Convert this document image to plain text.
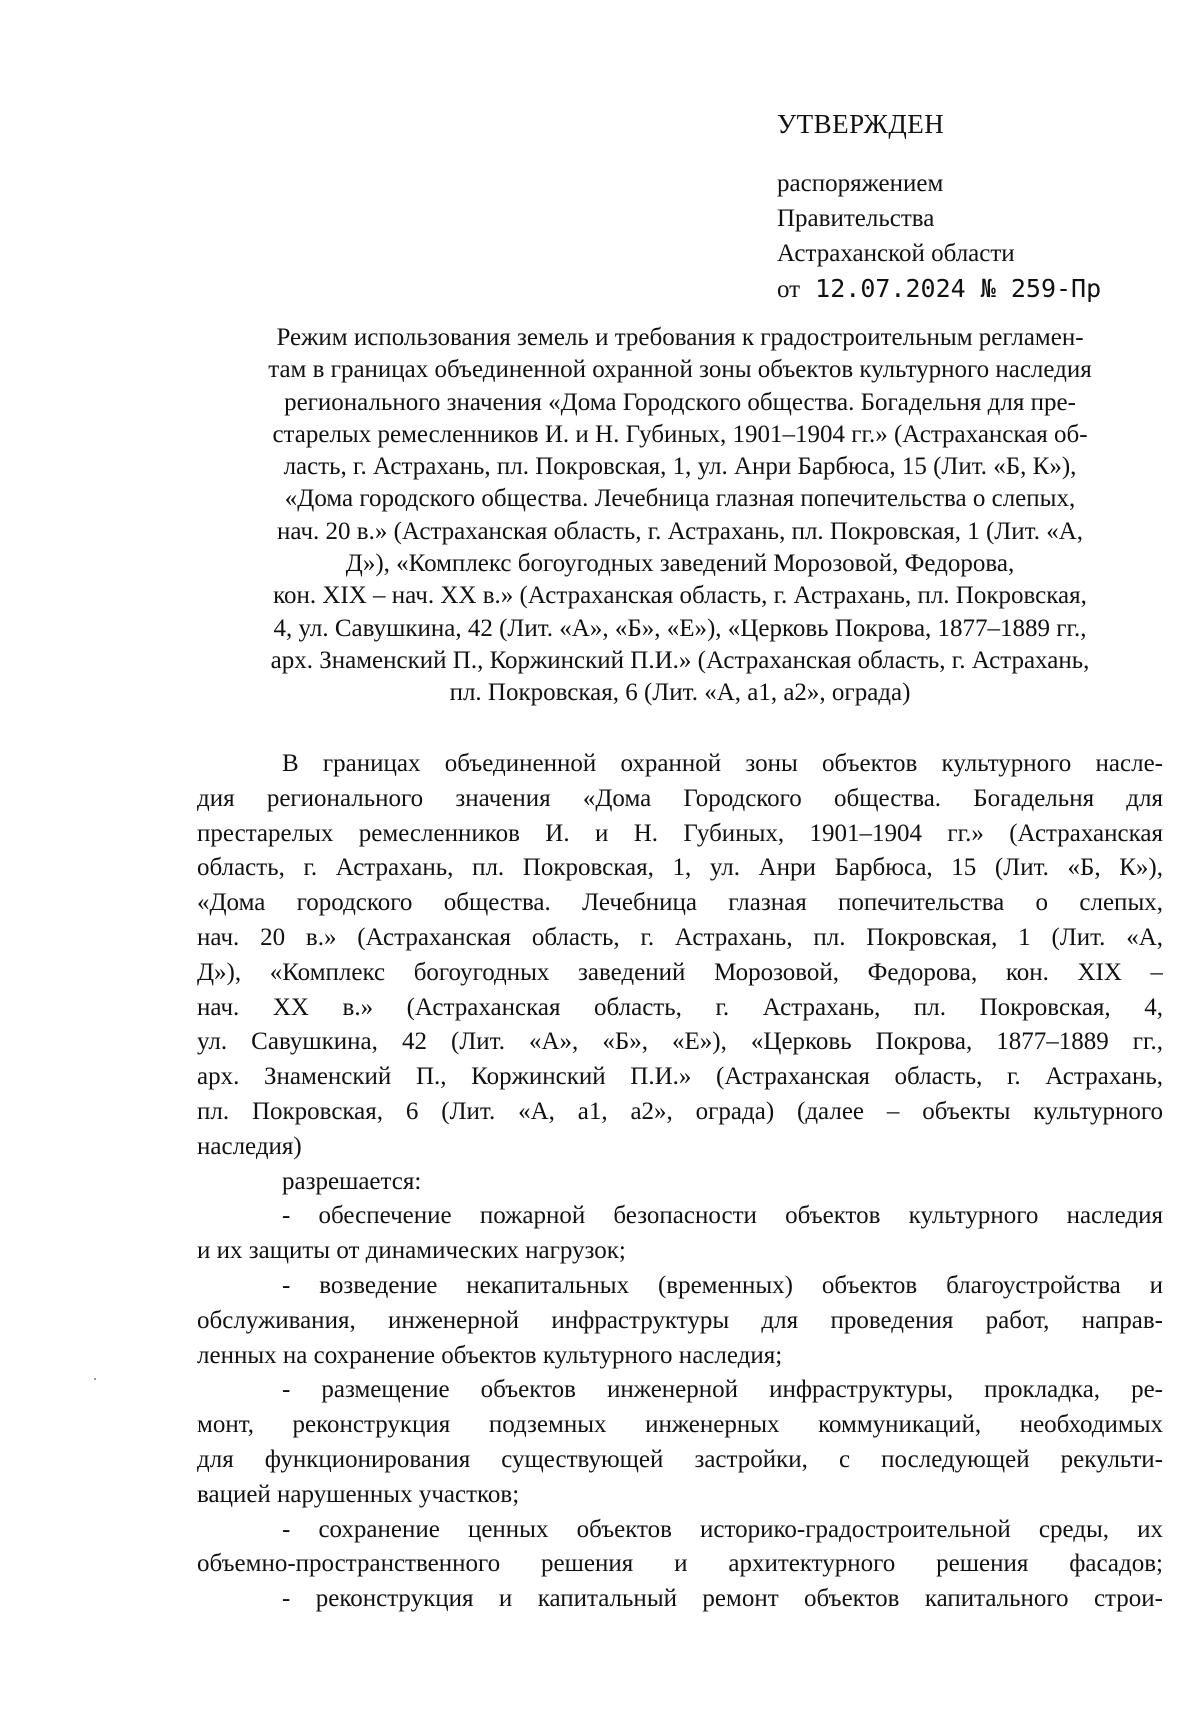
УТВЕРЖДЕН
распоряжением
Правительства
Астраханской области
от 12.07.2024 № 259-Пр
Режим использования земель и требования к градостроительным регламен-
там в границах объединенной охранной зоны объектов культурного наследия
регионального значения «Дома Городского общества. Богадельня для пре-
старелых ремесленников И. и Н. Губиных, 1901–1904 гг.» (Астраханская об-
ласть, г. Астрахань, пл. Покровская, 1, ул. Анри Барбюса, 15 (Лит. «Б, К»),
«Дома городского общества. Лечебница глазная попечительства о слепых,
нач. 20 в.» (Астраханская область, г. Астрахань, пл. Покровская, 1 (Лит. «А,
Д»), «Комплекс богоугодных заведений Морозовой, Федорова,
кон. XIX – нач. XX в.» (Астраханская область, г. Астрахань, пл. Покровская,
4, ул. Савушкина, 42 (Лит. «А», «Б», «Е»), «Церковь Покрова, 1877–1889 гг.,
арх. Знаменский П., Коржинский П.И.» (Астраханская область, г. Астрахань,
пл. Покровская, 6 (Лит. «А, а1, а2», ограда)
В границах объединенной охранной зоны объектов культурного насле-
дия регионального значения «Дома Городского общества. Богадельня для
престарелых ремесленников И. и Н. Губиных, 1901–1904 гг.» (Астраханская
область, г. Астрахань, пл. Покровская, 1, ул. Анри Барбюса, 15 (Лит. «Б, К»),
«Дома городского общества. Лечебница глазная попечительства о слепых,
нач. 20 в.» (Астраханская область, г. Астрахань, пл. Покровская, 1 (Лит. «А,
Д»), «Комплекс богоугодных заведений Морозовой, Федорова, кон. XIX –
нач. XX в.» (Астраханская область, г. Астрахань, пл. Покровская, 4,
ул. Савушкина, 42 (Лит. «А», «Б», «Е»), «Церковь Покрова, 1877–1889 гг.,
арх. Знаменский П., Коржинский П.И.» (Астраханская область, г. Астрахань,
пл. Покровская, 6 (Лит. «А, а1, а2», ограда) (далее – объекты культурного
наследия)
разрешается:
- обеспечение пожарной безопасности объектов культурного наследия
и их защиты от динамических нагрузок;
- возведение некапитальных (временных) объектов благоустройства и
обслуживания, инженерной инфраструктуры для проведения работ, направ-
ленных на сохранение объектов культурного наследия;
- размещение объектов инженерной инфраструктуры, прокладка, ре-
монт, реконструкция подземных инженерных коммуникаций, необходимых
для функционирования существующей застройки, с последующей рекульти-
вацией нарушенных участков;
- сохранение ценных объектов историко-градостроительной среды, их
объемно-пространственного решения и архитектурного решения фасадов;
- реконструкция и капитальный ремонт объектов капитального строи-
